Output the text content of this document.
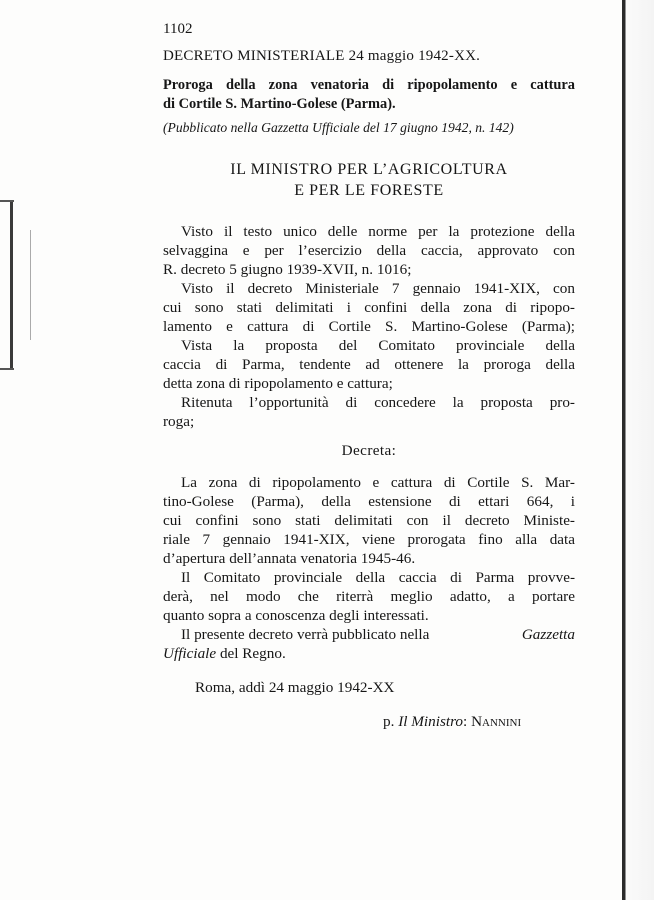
1102
DECRETO MINISTERIALE 24 maggio 1942-XX.
Proroga della zona venatoria di ripopolamento e cattura
di Cortile S. Martino-Golese (Parma).
(Pubblicato nella Gazzetta Ufficiale del 17 giugno 1942, n. 142)
IL MINISTRO PER L’AGRICOLTURA
E PER LE FORESTE
Visto il testo unico delle norme per la protezione della
selvaggina e per l’esercizio della caccia, approvato con
R. decreto 5 giugno 1939-XVII, n. 1016;
Visto il decreto Ministeriale 7 gennaio 1941-XIX, con
cui sono stati delimitati i confini della zona di ripopo-
lamento e cattura di Cortile S. Martino-Golese (Parma);
Vista la proposta del Comitato provinciale della
caccia di Parma, tendente ad ottenere la proroga della
detta zona di ripopolamento e cattura;
Ritenuta l’opportunità di concedere la proposta pro-
roga;
Decreta:
La zona di ripopolamento e cattura di Cortile S. Mar-
tino-Golese (Parma), della estensione di ettari 664, i
cui confini sono stati delimitati con il decreto Ministe-
riale 7 gennaio 1941-XIX, viene prorogata fino alla data
d’apertura dell’annata venatoria 1945-46.
Il Comitato provinciale della caccia di Parma provve-
derà, nel modo che riterrà meglio adatto, a portare
quanto sopra a conoscenza degli interessati.
Il presente decreto verrà pubblicato nella	Gazzetta
Ufficiale del Regno.
Roma, addì 24 maggio 1942-XX
p. Il Ministro: Nannini
